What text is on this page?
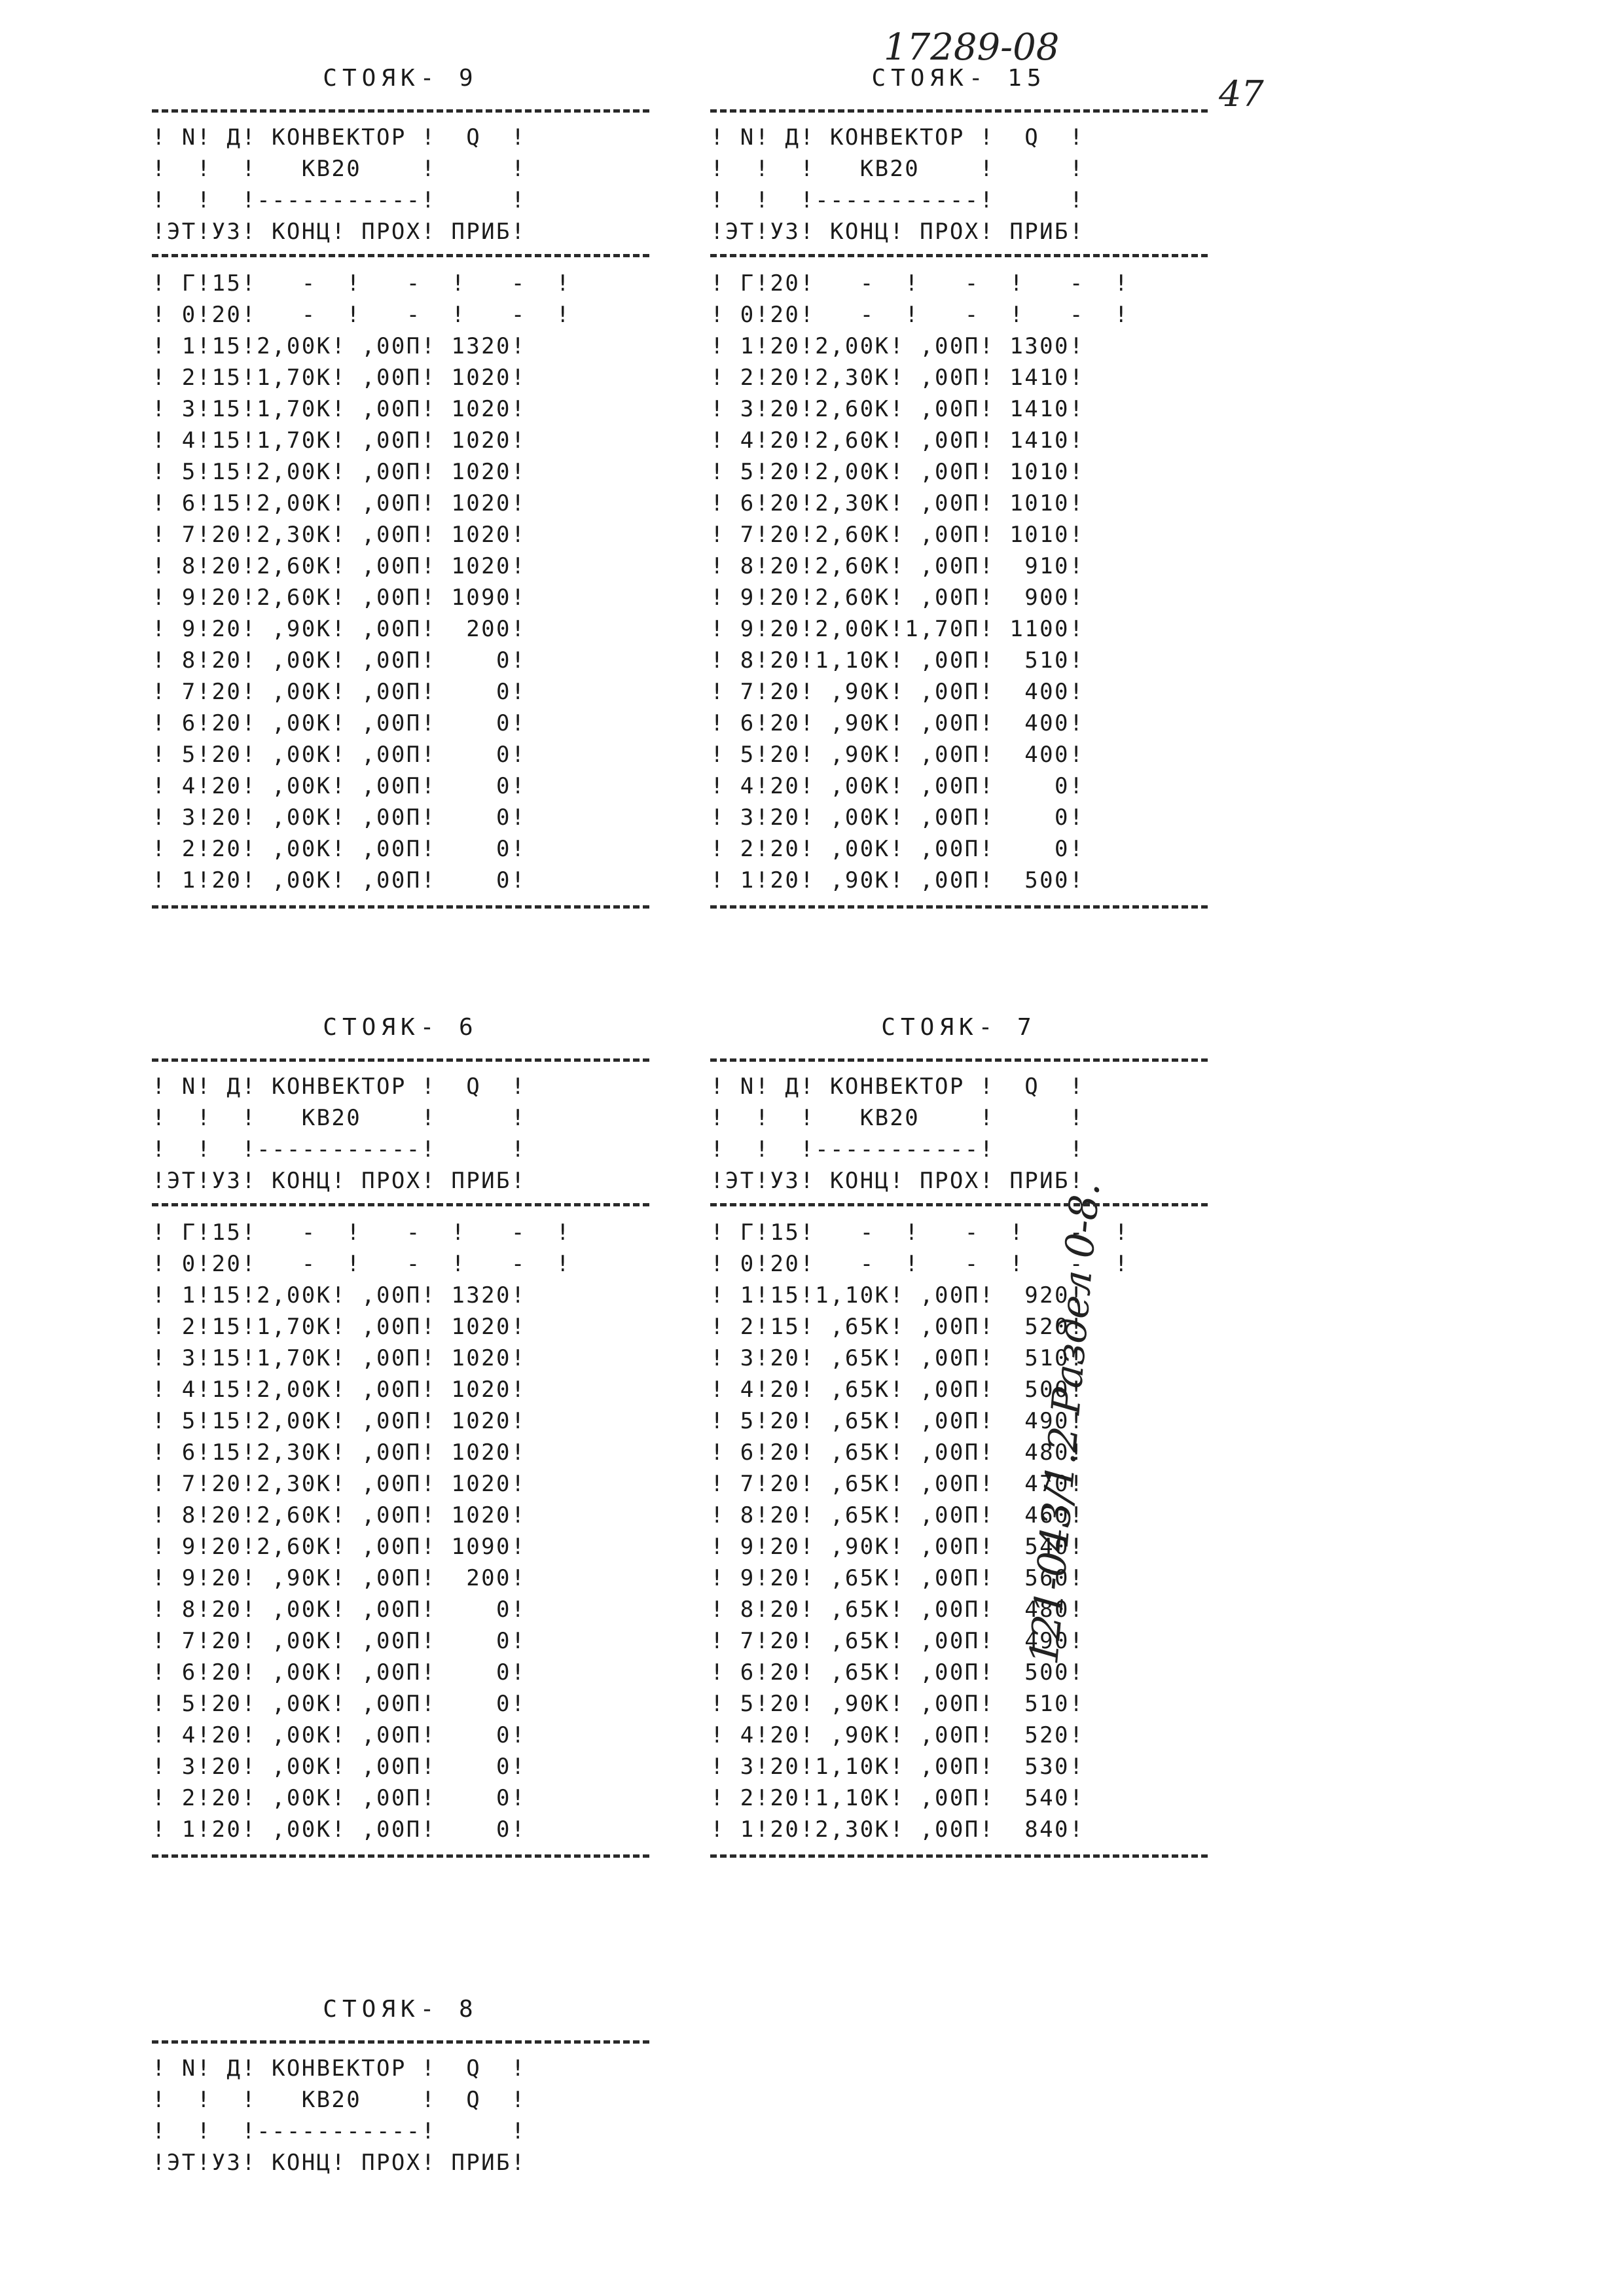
17289-08
47
121-043/1.2 Раздел 0-8.
СТОЯК- 9
! N! Д! КОНВЕКТОР !  Q  !
!  !  !   КВ20    !     !
!  !  !-----------!     !
!ЭТ!УЗ! КОНЦ! ПРОХ! ПРИБ!
! Г!15!   -  !   -  !   -  !
! 0!20!   -  !   -  !   -  !
! 1!15!2,00К! ,00П! 1320!
! 2!15!1,70К! ,00П! 1020!
! 3!15!1,70К! ,00П! 1020!
! 4!15!1,70К! ,00П! 1020!
! 5!15!2,00К! ,00П! 1020!
! 6!15!2,00К! ,00П! 1020!
! 7!20!2,30К! ,00П! 1020!
! 8!20!2,60К! ,00П! 1020!
! 9!20!2,60К! ,00П! 1090!
! 9!20! ,90К! ,00П!  200!
! 8!20! ,00К! ,00П!    0!
! 7!20! ,00К! ,00П!    0!
! 6!20! ,00К! ,00П!    0!
! 5!20! ,00К! ,00П!    0!
! 4!20! ,00К! ,00П!    0!
! 3!20! ,00К! ,00П!    0!
! 2!20! ,00К! ,00П!    0!
! 1!20! ,00К! ,00П!    0!
СТОЯК- 15
! N! Д! КОНВЕКТОР !  Q  !
!  !  !   КВ20    !     !
!  !  !-----------!     !
!ЭТ!УЗ! КОНЦ! ПРОХ! ПРИБ!
! Г!20!   -  !   -  !   -  !
! 0!20!   -  !   -  !   -  !
! 1!20!2,00К! ,00П! 1300!
! 2!20!2,30К! ,00П! 1410!
! 3!20!2,60К! ,00П! 1410!
! 4!20!2,60К! ,00П! 1410!
! 5!20!2,00К! ,00П! 1010!
! 6!20!2,30К! ,00П! 1010!
! 7!20!2,60К! ,00П! 1010!
! 8!20!2,60К! ,00П!  910!
! 9!20!2,60К! ,00П!  900!
! 9!20!2,00К!1,70П! 1100!
! 8!20!1,10К! ,00П!  510!
! 7!20! ,90К! ,00П!  400!
! 6!20! ,90К! ,00П!  400!
! 5!20! ,90К! ,00П!  400!
! 4!20! ,00К! ,00П!    0!
! 3!20! ,00К! ,00П!    0!
! 2!20! ,00К! ,00П!    0!
! 1!20! ,90К! ,00П!  500!
СТОЯК- 6
! N! Д! КОНВЕКТОР !  Q  !
!  !  !   КВ20    !     !
!  !  !-----------!     !
!ЭТ!УЗ! КОНЦ! ПРОХ! ПРИБ!
! Г!15!   -  !   -  !   -  !
! 0!20!   -  !   -  !   -  !
! 1!15!2,00К! ,00П! 1320!
! 2!15!1,70К! ,00П! 1020!
! 3!15!1,70К! ,00П! 1020!
! 4!15!2,00К! ,00П! 1020!
! 5!15!2,00К! ,00П! 1020!
! 6!15!2,30К! ,00П! 1020!
! 7!20!2,30К! ,00П! 1020!
! 8!20!2,60К! ,00П! 1020!
! 9!20!2,60К! ,00П! 1090!
! 9!20! ,90К! ,00П!  200!
! 8!20! ,00К! ,00П!    0!
! 7!20! ,00К! ,00П!    0!
! 6!20! ,00К! ,00П!    0!
! 5!20! ,00К! ,00П!    0!
! 4!20! ,00К! ,00П!    0!
! 3!20! ,00К! ,00П!    0!
! 2!20! ,00К! ,00П!    0!
! 1!20! ,00К! ,00П!    0!
СТОЯК- 7
! N! Д! КОНВЕКТОР !  Q  !
!  !  !   КВ20    !     !
!  !  !-----------!     !
!ЭТ!УЗ! КОНЦ! ПРОХ! ПРИБ!
! Г!15!   -  !   -  !   -  !
! 0!20!   -  !   -  !   -  !
! 1!15!1,10К! ,00П!  920!
! 2!15! ,65К! ,00П!  520!
! 3!20! ,65К! ,00П!  510!
! 4!20! ,65К! ,00П!  500!
! 5!20! ,65К! ,00П!  490!
! 6!20! ,65К! ,00П!  480!
! 7!20! ,65К! ,00П!  470!
! 8!20! ,65К! ,00П!  460!
! 9!20! ,90К! ,00П!  540!
! 9!20! ,65К! ,00П!  560!
! 8!20! ,65К! ,00П!  480!
! 7!20! ,65К! ,00П!  490!
! 6!20! ,65К! ,00П!  500!
! 5!20! ,90К! ,00П!  510!
! 4!20! ,90К! ,00П!  520!
! 3!20!1,10К! ,00П!  530!
! 2!20!1,10К! ,00П!  540!
! 1!20!2,30К! ,00П!  840!
СТОЯК- 8
! N! Д! КОНВЕКТОР !  Q  !
!  !  !   КВ20    !  Q  !
!  !  !-----------!     !
!ЭТ!УЗ! КОНЦ! ПРОХ! ПРИБ!
